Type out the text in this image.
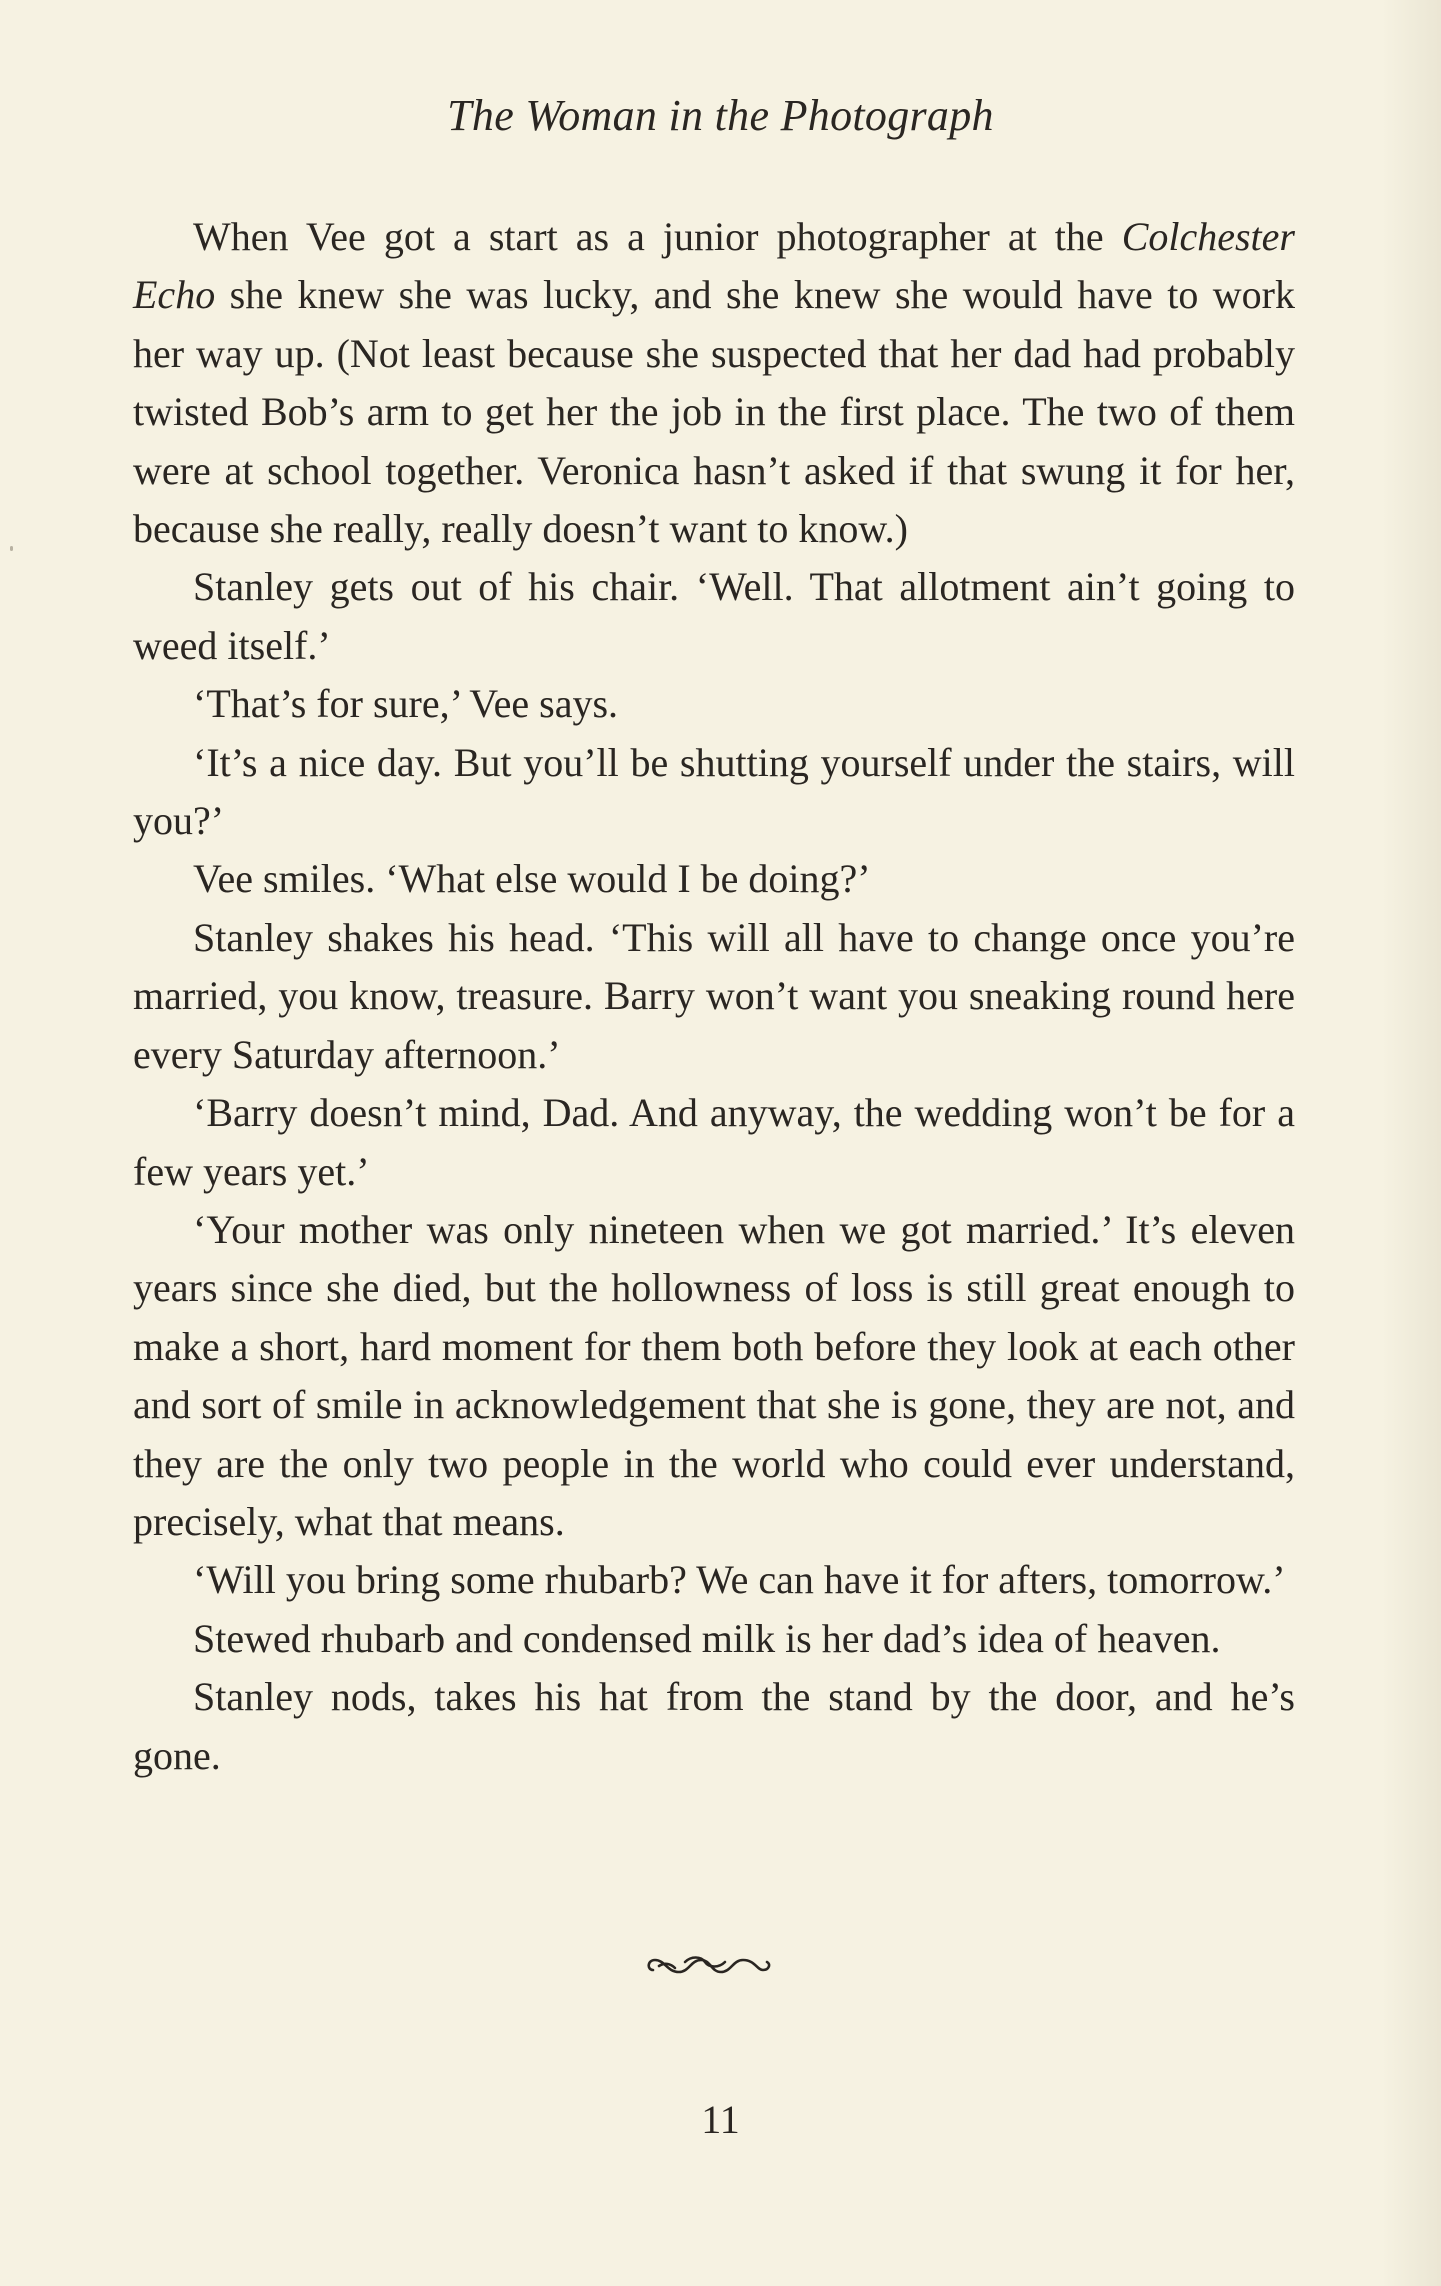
The Woman in the Photograph

When Vee got a start as a junior photographer at the Colchester Echo she knew she was lucky, and she knew she would have to work her way up. (Not least because she suspected that her dad had probably twisted Bob’s arm to get her the job in the first place. The two of them were at school together. Veronica hasn’t asked if that swung it for her, because she really, really doesn’t want to know.)

Stanley gets out of his chair. ‘Well. That allotment ain’t going to weed itself.’

‘That’s for sure,’ Vee says.

‘It’s a nice day. But you’ll be shutting yourself under the stairs, will you?’

Vee smiles. ‘What else would I be doing?’

Stanley shakes his head. ‘This will all have to change once you’re married, you know, treasure. Barry won’t want you sneaking round here every Saturday afternoon.’

‘Barry doesn’t mind, Dad. And anyway, the wedding won’t be for a few years yet.’

‘Your mother was only nineteen when we got married.’ It’s eleven years since she died, but the hollowness of loss is still great enough to make a short, hard moment for them both before they look at each other and sort of smile in acknowledgement that she is gone, they are not, and they are the only two people in the world who could ever understand, precisely, what that means.

‘Will you bring some rhubarb? We can have it for afters, tomorrow.’

Stewed rhubarb and condensed milk is her dad’s idea of heaven.

Stanley nods, takes his hat from the stand by the door, and he’s gone.

11
